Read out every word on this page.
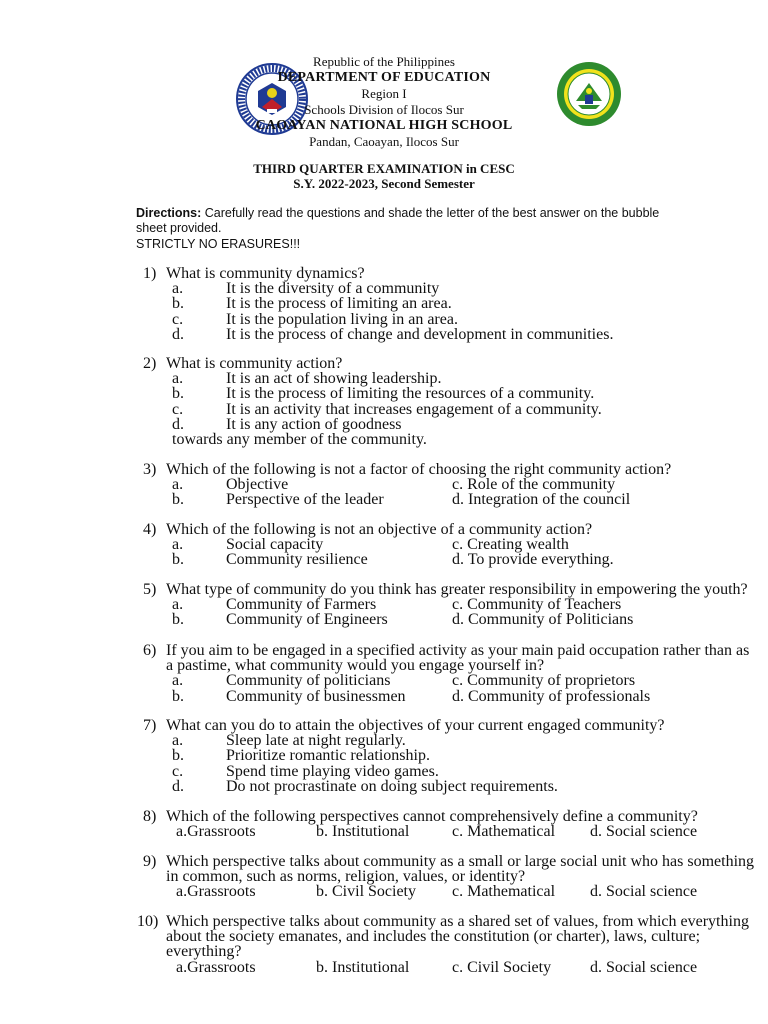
Republic of the Philippines
DEPARTMENT OF EDUCATION
Region I
Schools Division of Ilocos Sur
CAOAYAN NATIONAL HIGH SCHOOL
Pandan, Caoayan, Ilocos Sur
THIRD QUARTER EXAMINATION in CESC
S.Y. 2022-2023, Second Semester
Directions: Carefully read the questions and shade the letter of the best answer on the bubble
sheet provided.
STRICTLY NO ERASURES!!!
1) What is community dynamics?
a.	It is the diversity of a community
b.	It is the process of limiting an area.
c.	It is the population living in an area.
d.	It is the process of change and development in communities.
2) What is community action?
a.	It is an act of showing leadership.
b.	It is the process of limiting the resources of a community.
c.	It is an activity that increases engagement of a community.
d.	It is any action of goodness
towards any member of the community.
3) Which of the following is not a factor of choosing the right community action?
a.	Objective	c. Role of the community
b.	Perspective of the leader	d. Integration of the council
4) Which of the following is not an objective of a community action?
a.	Social capacity	c. Creating wealth
b.	Community resilience	d. To provide everything.
5) What type of community do you think has greater responsibility in empowering the youth?
a.	Community of Farmers	c. Community of Teachers
b.	Community of Engineers	d. Community of Politicians
6) If you aim to be engaged in a specified activity as your main paid occupation rather than as
a pastime, what community would you engage yourself in?
a.	Community of politicians	c. Community of proprietors
b.	Community of businessmen	d. Community of professionals
7) What can you do to attain the objectives of your current engaged community?
a.	Sleep late at night regularly.
b.	Prioritize romantic relationship.
c.	Spend time playing video games.
d.	Do not procrastinate on doing subject requirements.
8) Which of the following perspectives cannot comprehensively define a community?
a.Grassroots	b. Institutional	c. Mathematical d. Social science
9) Which perspective talks about community as a small or large social unit who has something
in common, such as norms, religion, values, or identity?
a.Grassroots	b. Civil Society c. Mathematical d. Social science
10) Which perspective talks about community as a shared set of values, from which everything
about the society emanates, and includes the constitution (or charter), laws, culture;
everything?
a.Grassroots	b. Institutional	c. Civil Society d. Social science
